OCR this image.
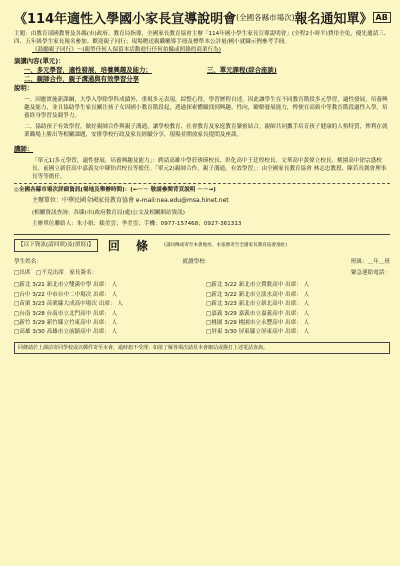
《114年適性入學國小家長宣導說明會 (全國各縣市場次) 報名通知單》 AB
主題：由教育部國教署及各縣(市)政府、教育局指導，全國家長教育協會主辦「114年國小學生家長宣導說明會」(全程2小時半)費用全免，優先邀請三、四、五年級學生家長報名參加。歡迎親子同行；現場贈送親職輔導手冊及標準本公評量/國小就職示例參考手冊。
《鼓勵親子同行》～(親勞任何人保留本活動進行任何拍攝或照錄的商業行為)
演講內容(單元)：
一、多元學習，適性發展，培養興趣及能力；	三、單元課程(綜合座談)
二、親師合作，親子溝通與有效學習分享
說明：
一、因應實施新課綱，大學入學除學科成績外，重視多元表現，綜整心得，學習歷程自述，因此讓學生在不同教育階段多元學習，適性發展，培養興趣及能力，並且協助學生家長關注孩子女因國小教育階段起，透過探索體驗找到興趣、性向，瞭解發展能力，俾便在高級中等教育階段適性入學，培養終身學習及競爭力。
二、協助孩子有效學習，做好親師合作與親子溝通，讓學校教育、社會教育及家庭教育緊密結合，親師共同攜手培育孩子健康的人格特質，俾利在就業職場上勝出等相關課題，安排學校行政及家長經驗分享，現場並開放家長提問及座談。
講師：
「單元1)多元學習，適性發展，培養興趣及能力」：聘請高雄中學莊琇瑛校長、彰化高中王廷煌校長、文華高中黃偉立校長、桃園高中徐宗盛校長、前國立新莊高中嘉義女中陳怡君校長等擔任。「單元2)親師合作，親子溝通，有效學習」：由全國家長教育協會 林志忠教授、陳若長創會理事長等等擔任。
◎全國各縣市場次詳細資訊(場地及舉辦時間)：(←－－ 敬請參閱背頁說明 －－→)
主辦單位：中華民國全國家長教育協會 e-mail:nea.edu@msa.hinet.net
(相關資訊查詢：各縣(市)政府教育局(處)公文及相關網站資訊)
主辦單位聯絡人：朱小姐；賴美雲；季美雲；手機：0977-157468；0927-361313
【以下資訊(請回填)及(填寫)】	回 條 (請回傳或寄至本會地址、本張號寄至全國家長教育協會地址)
學生姓名：	就讀學校：	班級：＿年＿班
□出席　□不克出席　家長簽名：	緊急連絡電話：
□新北 3/21 新北市立雙溪中學 出席： 人	□新北 3/22 新北市立鶯歌高中 出席： 人
□台中 3/22 中市台中二中場次 出席： 人	□新北 3/22 新北市立淡水高中 出席： 人
□苗栗 3/23 苗栗縣大成高中場次 出席： 人	□新北 3/23 新北市立新北高中 出席： 人
□台南 3/28 台南市立北門高中 出席： 人	□嘉義 3/29 嘉義市立嘉義高中 出席： 人
□新竹 3/29 新竹縣立竹東高中 出席： 人	□桃園 3/29 桃園市立永豐高中 出席： 人
□高雄 3/30 高雄市立前鎮高中 出席： 人	□屏東 3/30 屏東縣立屏東高中 出席： 人
回條請於上課前寄回學校或以郵件寄至本會，逾時恕不受理；如欲了解各場次請見本會網站或撥打上述電話查詢。
